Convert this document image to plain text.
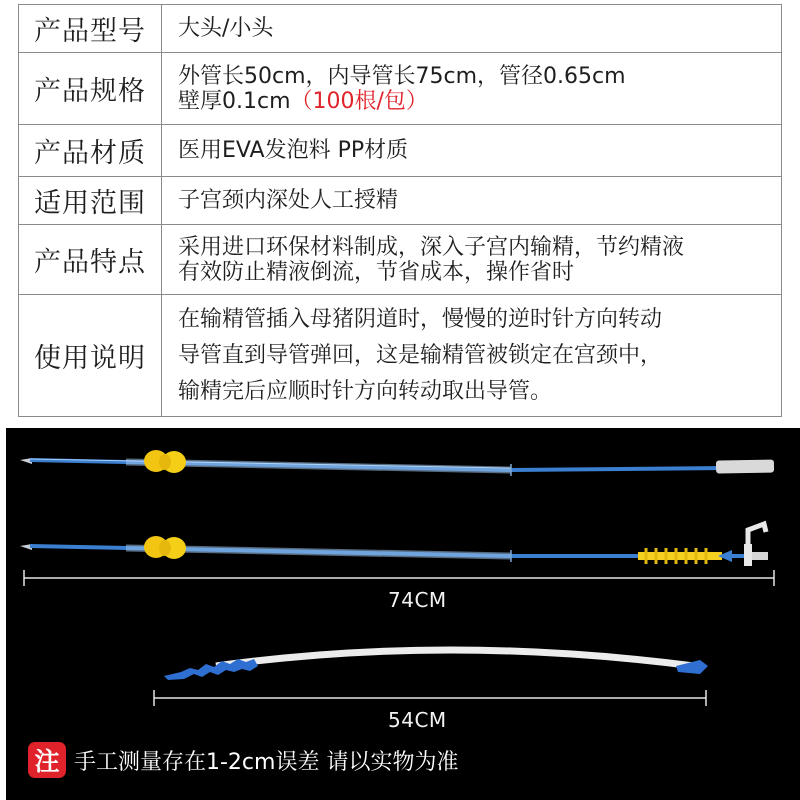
产品型号	大头/小头

产品规格	外管长50cm，内导管长75cm，管径0.65cm
壁厚0.1cm（100根/包）

产品材质	医用EVA发泡料 PP材质

适用范围	子宫颈内深处人工授精

产品特点	采用进口环保材料制成，深入子宫内输精，节约精液
有效防止精液倒流，节省成本，操作省时

使用说明	在输精管插入母猪阴道时，慢慢的逆时针方向转动
导管直到导管弹回，这是输精管被锁定在宫颈中，
输精完后应顺时针方向转动取出导管。
74CM
54CM
注 手工测量存在1-2cm误差 请以实物为准
